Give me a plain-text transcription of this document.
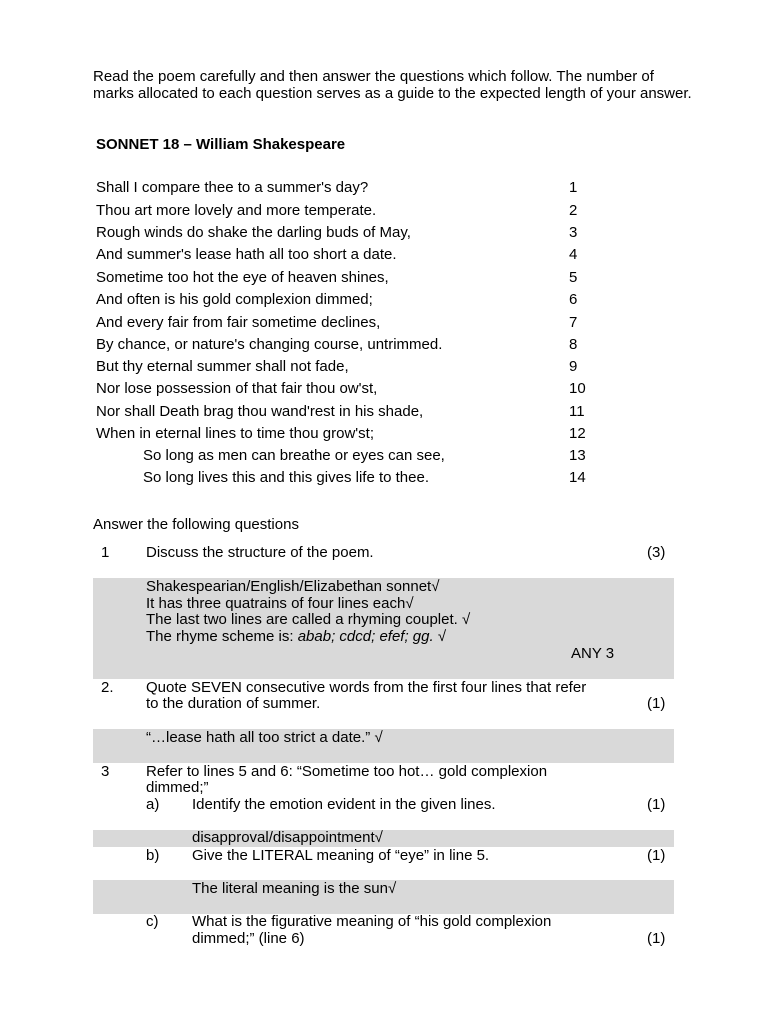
Read the poem carefully and then answer the questions which follow. The number of marks allocated to each question serves as a guide to the expected length of your answer.
SONNET 18 – William Shakespeare
Shall I compare thee to a summer's day?	1
Thou art more lovely and more temperate.	2
Rough winds do shake the darling buds of May,	3
And summer's lease hath all too short a date.	4
Sometime too hot the eye of heaven shines,	5
And often is his gold complexion dimmed;	6
And every fair from fair sometime declines,	7
By chance, or nature's changing course, untrimmed.	8
But thy eternal summer shall not fade,	9
Nor lose possession of that fair thou ow'st,	10
Nor shall Death brag thou wand'rest in his shade,	11
When in eternal lines to time thou grow'st;	12
So long as men can breathe or eyes can see,	13
So long lives this and this gives life to thee.	14
Answer the following questions
1 Discuss the structure of the poem.	(3)
Shakespearian/English/Elizabethan sonnet√
It has three quatrains of four lines each√
The last two lines are called a rhyming couplet. √
The rhyme scheme is: abab; cdcd; efef; gg. √
ANY 3
2. Quote SEVEN consecutive words from the first four lines that refer
to the duration of summer.	(1)
“…lease hath all too strict a date.” √
3 Refer to lines 5 and 6: “Sometime too hot… gold complexion
dimmed;”
a) Identify the emotion evident in the given lines.	(1)
disapproval/disappointment√
b) Give the LITERAL meaning of “eye” in line 5.	(1)
The literal meaning is the sun√
c) What is the figurative meaning of “his gold complexion
dimmed;” (line 6)	(1)
